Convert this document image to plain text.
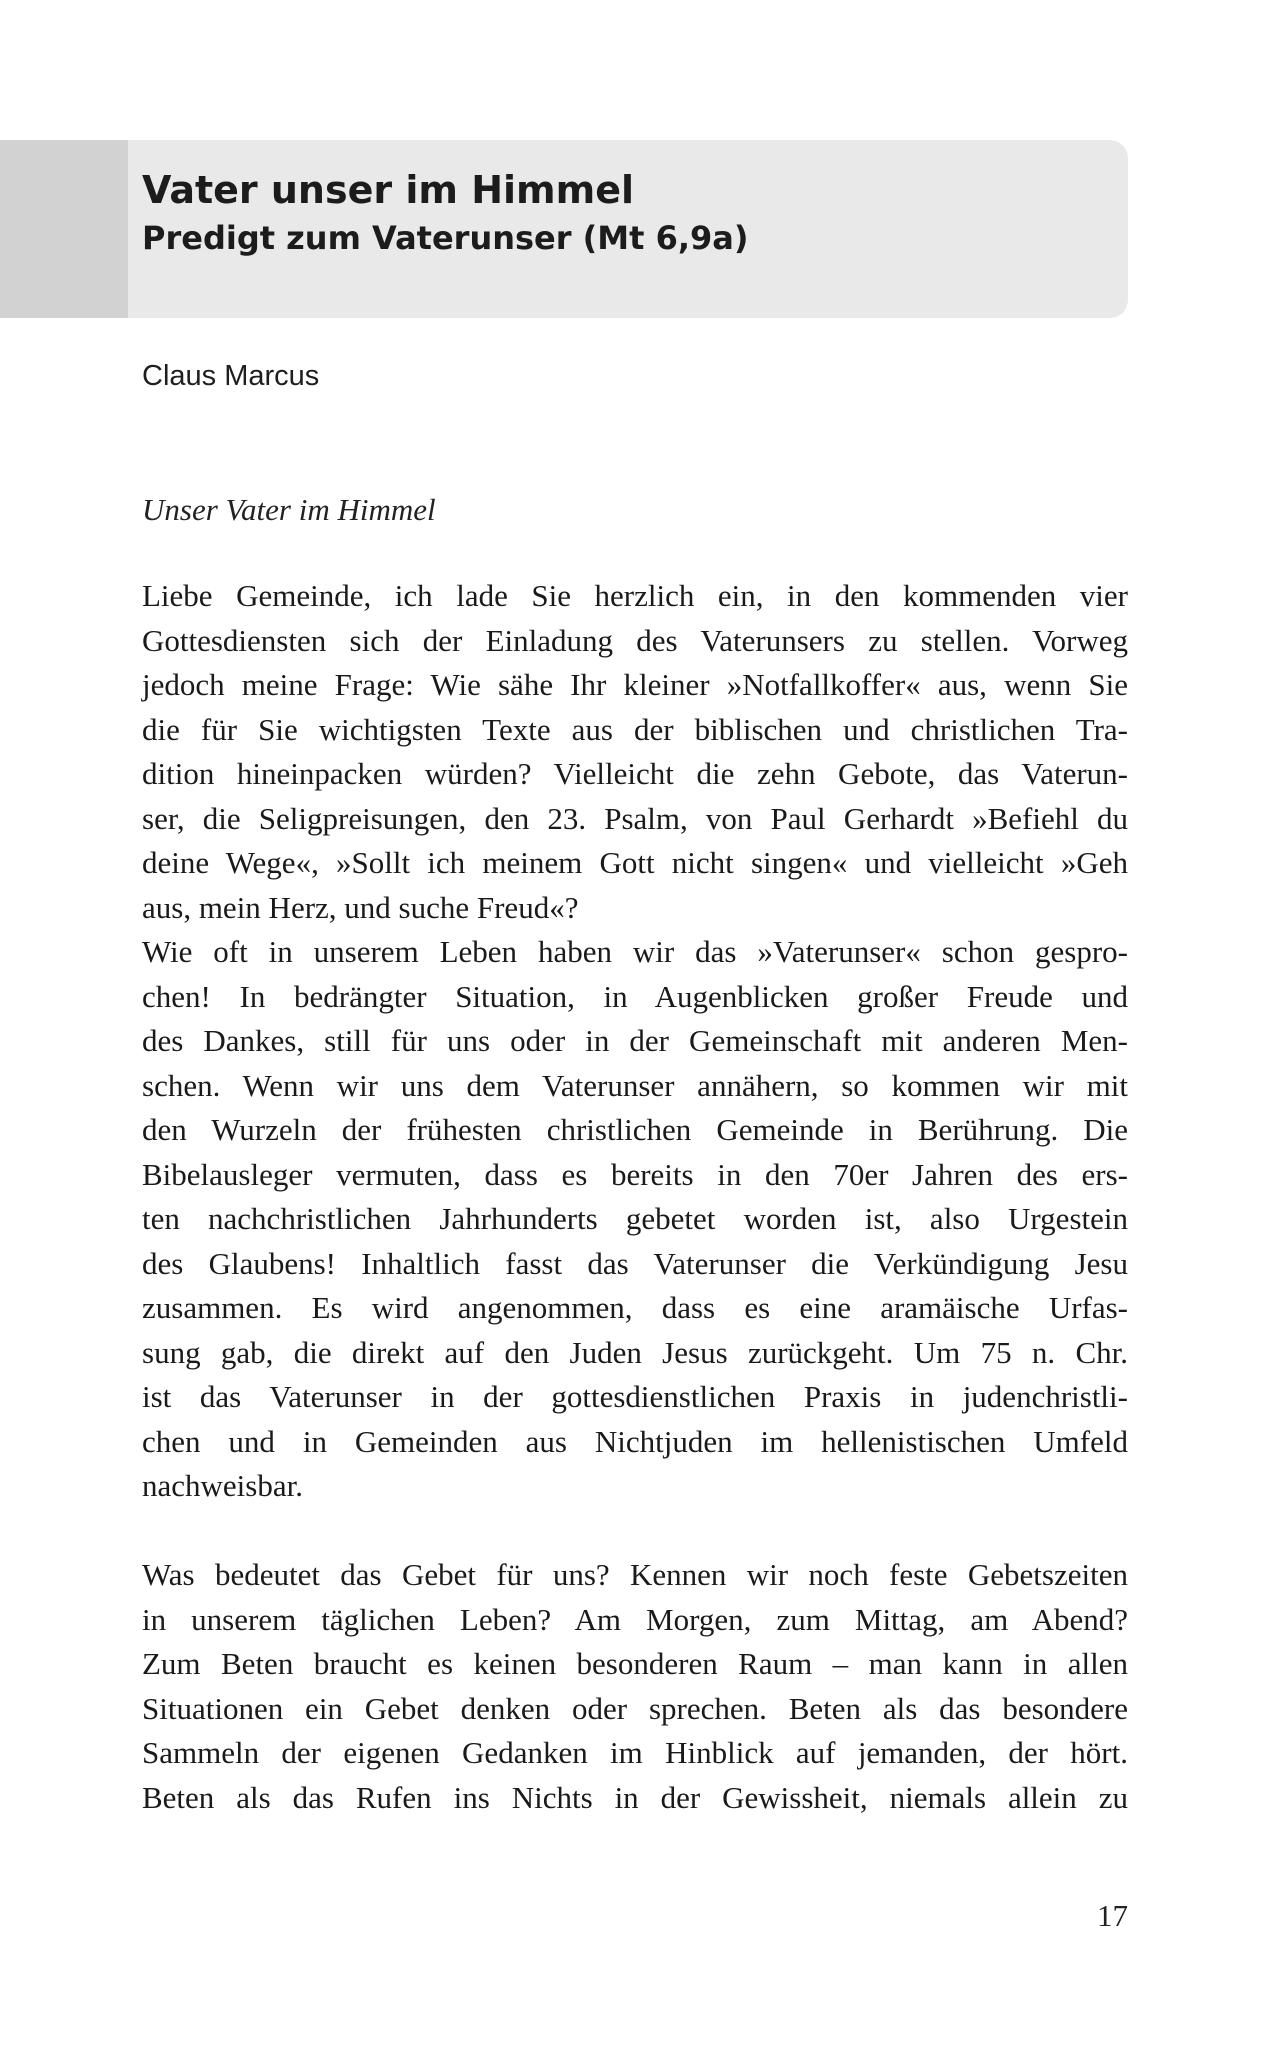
Vater unser im Himmel
Predigt zum Vaterunser (Mt 6,9a)
Claus Marcus
Unser Vater im Himmel
Liebe Gemeinde, ich lade Sie herzlich ein, in den kommenden vier
Gottesdiensten sich der Einladung des Vaterunsers zu stellen. Vorweg
jedoch meine Frage: Wie sähe Ihr kleiner »Notfallkoffer« aus, wenn Sie
die für Sie wichtigsten Texte aus der biblischen und christlichen Tra-
dition hineinpacken würden? Vielleicht die zehn Gebote, das Vaterun-
ser, die Seligpreisungen, den 23. Psalm, von Paul Gerhardt »Befiehl du
deine Wege«, »Sollt ich meinem Gott nicht singen« und vielleicht »Geh
aus, mein Herz, und suche Freud«?
Wie oft in unserem Leben haben wir das »Vaterunser« schon gespro-
chen! In bedrängter Situation, in Augenblicken großer Freude und
des Dankes, still für uns oder in der Gemeinschaft mit anderen Men-
schen. Wenn wir uns dem Vaterunser annähern, so kommen wir mit
den Wurzeln der frühesten christlichen Gemeinde in Berührung. Die
Bibelausleger vermuten, dass es bereits in den 70er Jahren des ers-
ten nachchristlichen Jahrhunderts gebetet worden ist, also Urgestein
des Glaubens! Inhaltlich fasst das Vaterunser die Verkündigung Jesu
zusammen. Es wird angenommen, dass es eine aramäische Urfas-
sung gab, die direkt auf den Juden Jesus zurückgeht. Um 75 n. Chr.
ist das Vaterunser in der gottesdienstlichen Praxis in judenchristli-
chen und in Gemeinden aus Nichtjuden im hellenistischen Umfeld
nachweisbar.
Was bedeutet das Gebet für uns? Kennen wir noch feste Gebetszeiten
in unserem täglichen Leben? Am Morgen, zum Mittag, am Abend?
Zum Beten braucht es keinen besonderen Raum – man kann in allen
Situationen ein Gebet denken oder sprechen. Beten als das besondere
Sammeln der eigenen Gedanken im Hinblick auf jemanden, der hört.
Beten als das Rufen ins Nichts in der Gewissheit, niemals allein zu
17
